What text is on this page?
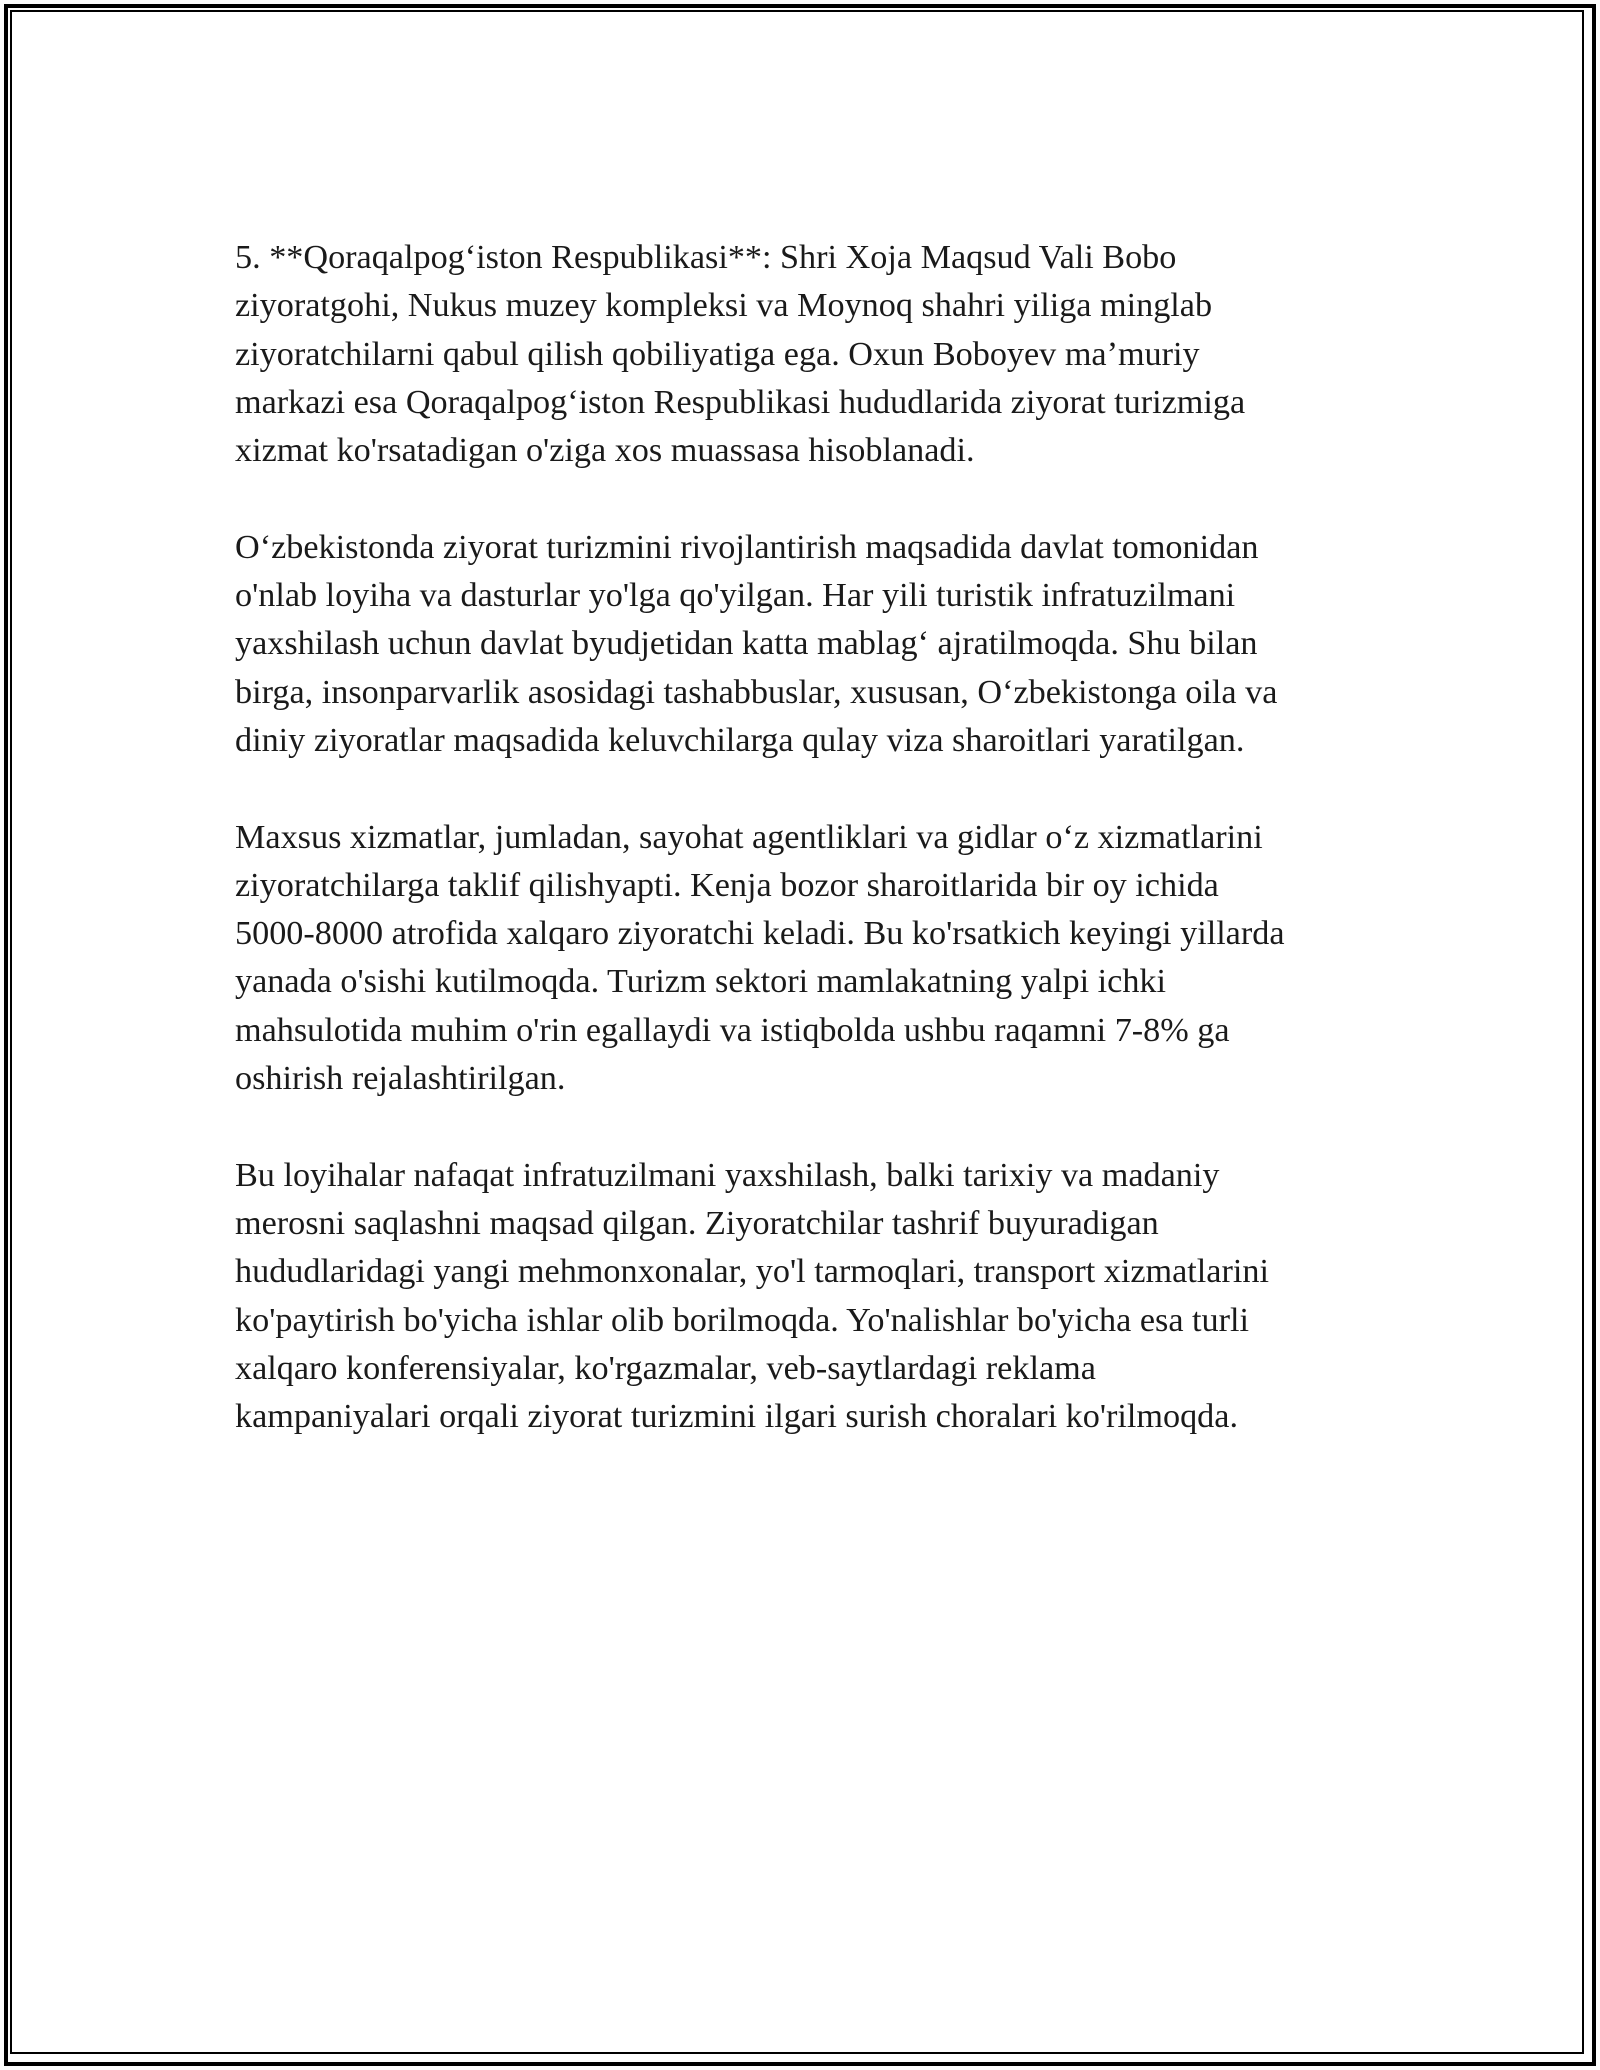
5. **Qoraqalpogʻiston Respublikasi**: Shri Xoja Maqsud Vali Bobo
ziyoratgohi, Nukus muzey kompleksi va Moynoq shahri yiliga minglab
ziyoratchilarni qabul qilish qobiliyatiga ega. Oxun Boboyev maʼmuriy
markazi esa Qoraqalpogʻiston Respublikasi hududlarida ziyorat turizmiga
xizmat ko'rsatadigan o'ziga xos muassasa hisoblanadi.

Oʻzbekistonda ziyorat turizmini rivojlantirish maqsadida davlat tomonidan
o'nlab loyiha va dasturlar yo'lga qo'yilgan. Har yili turistik infratuzilmani
yaxshilash uchun davlat byudjetidan katta mablagʻ ajratilmoqda. Shu bilan
birga, insonparvarlik asosidagi tashabbuslar, xususan, Oʻzbekistonga oila va
diniy ziyoratlar maqsadida keluvchilarga qulay viza sharoitlari yaratilgan.

Maxsus xizmatlar, jumladan, sayohat agentliklari va gidlar oʻz xizmatlarini
ziyoratchilarga taklif qilishyapti. Kenja bozor sharoitlarida bir oy ichida
5000-8000 atrofida xalqaro ziyoratchi keladi. Bu ko'rsatkich keyingi yillarda
yanada o'sishi kutilmoqda. Turizm sektori mamlakatning yalpi ichki
mahsulotida muhim o'rin egallaydi va istiqbolda ushbu raqamni 7-8% ga
oshirish rejalashtirilgan.

Bu loyihalar nafaqat infratuzilmani yaxshilash, balki tarixiy va madaniy
merosni saqlashni maqsad qilgan. Ziyoratchilar tashrif buyuradigan
hududlaridagi yangi mehmonxonalar, yo'l tarmoqlari, transport xizmatlarini
ko'paytirish bo'yicha ishlar olib borilmoqda. Yo'nalishlar bo'yicha esa turli
xalqaro konferensiyalar, ko'rgazmalar, veb-saytlardagi reklama
kampaniyalari orqali ziyorat turizmini ilgari surish choralari ko'rilmoqda.
